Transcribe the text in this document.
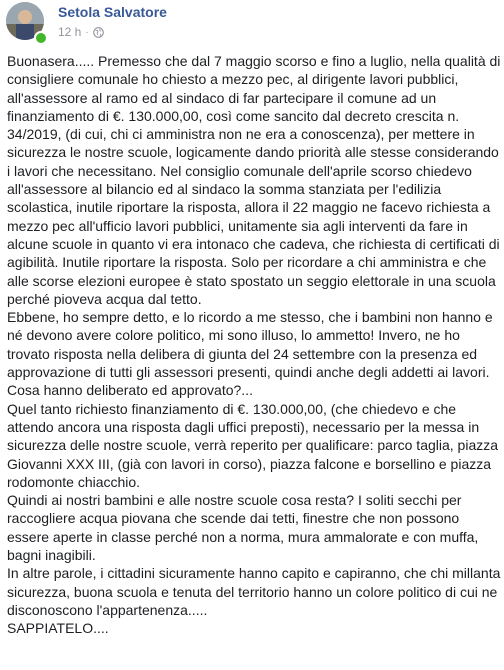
Setola Salvatore
12 h ·

Buonasera..... Premesso che dal 7 maggio scorso e fino a luglio, nella qualità di consigliere comunale ho chiesto a mezzo pec, al dirigente lavori pubblici, all'assessore al ramo ed al sindaco di far partecipare il comune ad un finanziamento di €. 130.000,00, così come sancito dal decreto crescita n. 34/2019, (di cui, chi ci amministra non ne era a conoscenza), per mettere in sicurezza le nostre scuole, logicamente dando priorità alle stesse considerando i lavori che necessitano. Nel consiglio comunale dell'aprile scorso chiedevo all'assessore al bilancio ed al sindaco la somma stanziata per l'edilizia scolastica, inutile riportare la risposta, allora il 22 maggio ne facevo richiesta a mezzo pec all'ufficio lavori pubblici, unitamente sia agli interventi da fare in alcune scuole in quanto vi era intonaco che cadeva, che richiesta di certificati di agibilità. Inutile riportare la risposta. Solo per ricordare a chi amministra e che alle scorse elezioni europee è stato spostato un seggio elettorale in una scuola perché pioveva acqua dal tetto.

Ebbene, ho sempre detto, e lo ricordo a me stesso, che i bambini non hanno e né devono avere colore politico, mi sono illuso, lo ammetto! Invero, ne ho trovato risposta nella delibera di giunta del 24 settembre con la presenza ed approvazione di tutti gli assessori presenti, quindi anche degli addetti ai lavori. Cosa hanno deliberato ed approvato?...

Quel tanto richiesto finanziamento di €. 130.000,00, (che chiedevo e che attendo ancora una risposta dagli uffici preposti), necessario per la messa in sicurezza delle nostre scuole, verrà reperito per qualificare: parco taglia, piazza Giovanni XXX III, (già con lavori in corso), piazza falcone e borsellino e piazza rodomonte chiacchio.

Quindi ai nostri bambini e alle nostre scuole cosa resta? I soliti secchi per raccogliere acqua piovana che scende dai tetti, finestre che non possono essere aperte in classe perché non a norma, mura ammalorate e con muffa, bagni inagibili.

In altre parole, i cittadini sicuramente hanno capito e capiranno, che chi millanta sicurezza, buona scuola e tenuta del territorio hanno un colore politico di cui ne disconoscono l'appartenenza.....

SAPPIATELO....
